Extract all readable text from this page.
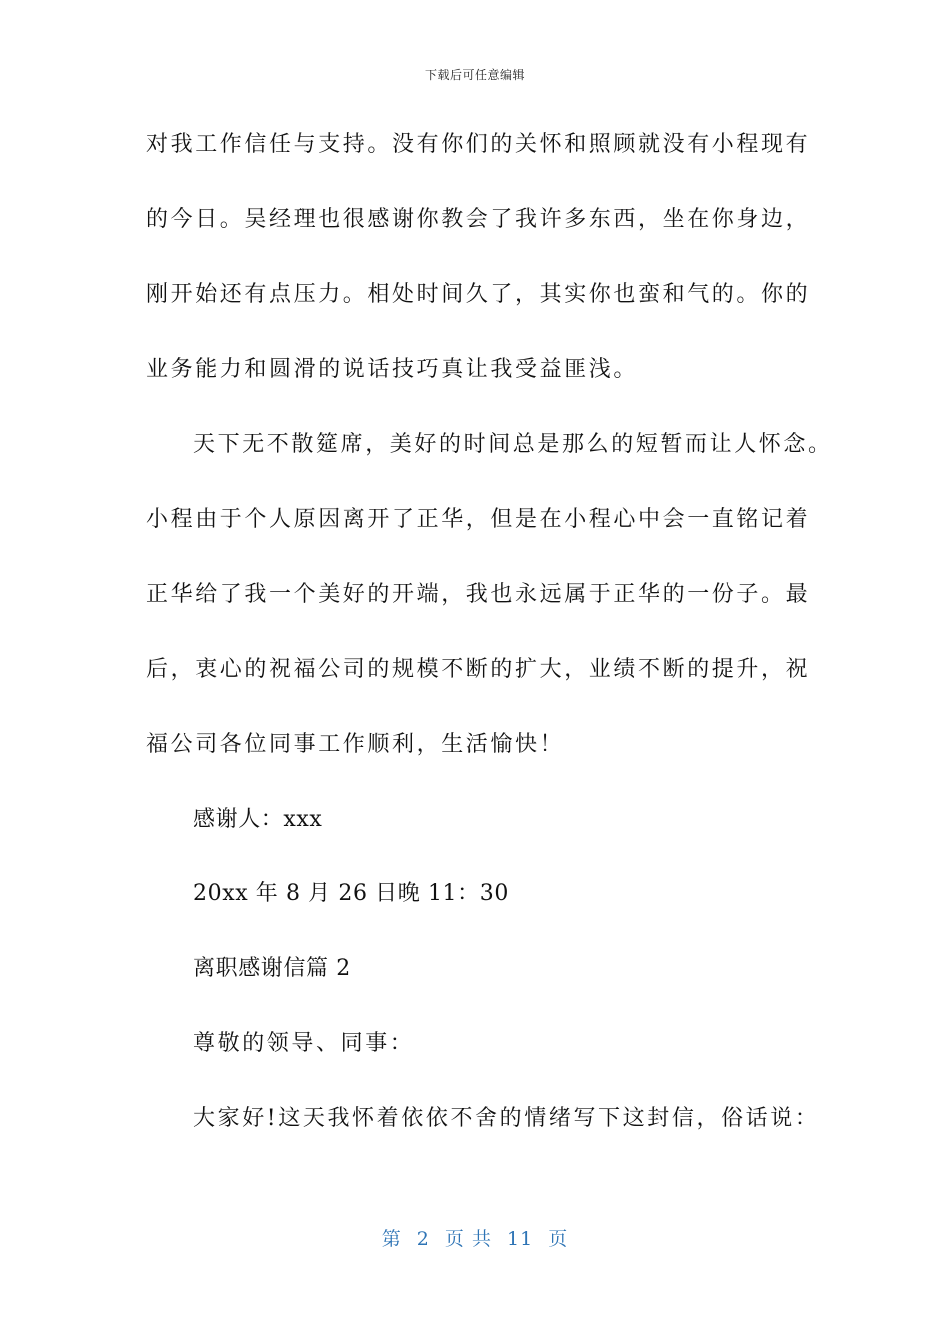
下载后可任意编辑
对我工作信任与支持。没有你们的关怀和照顾就没有小程现有
的今日。吴经理也很感谢你教会了我许多东西，坐在你身边，
刚开始还有点压力。相处时间久了，其实你也蛮和气的。你的
业务能力和圆滑的说话技巧真让我受益匪浅。
天下无不散筵席，美好的时间总是那么的短暂而让人怀念。
小程由于个人原因离开了正华，但是在小程心中会一直铭记着
正华给了我一个美好的开端，我也永远属于正华的一份子。最
后，衷心的祝福公司的规模不断的扩大，业绩不断的提升，祝
福公司各位同事工作顺利，生活愉快！
感谢人：xxx
20xx 年 8 月 26 日晚 11：30
离职感谢信篇 2
尊敬的领导、同事：
大家好!这天我怀着依依不舍的情绪写下这封信，俗话说：
第 2 页 共 11 页
